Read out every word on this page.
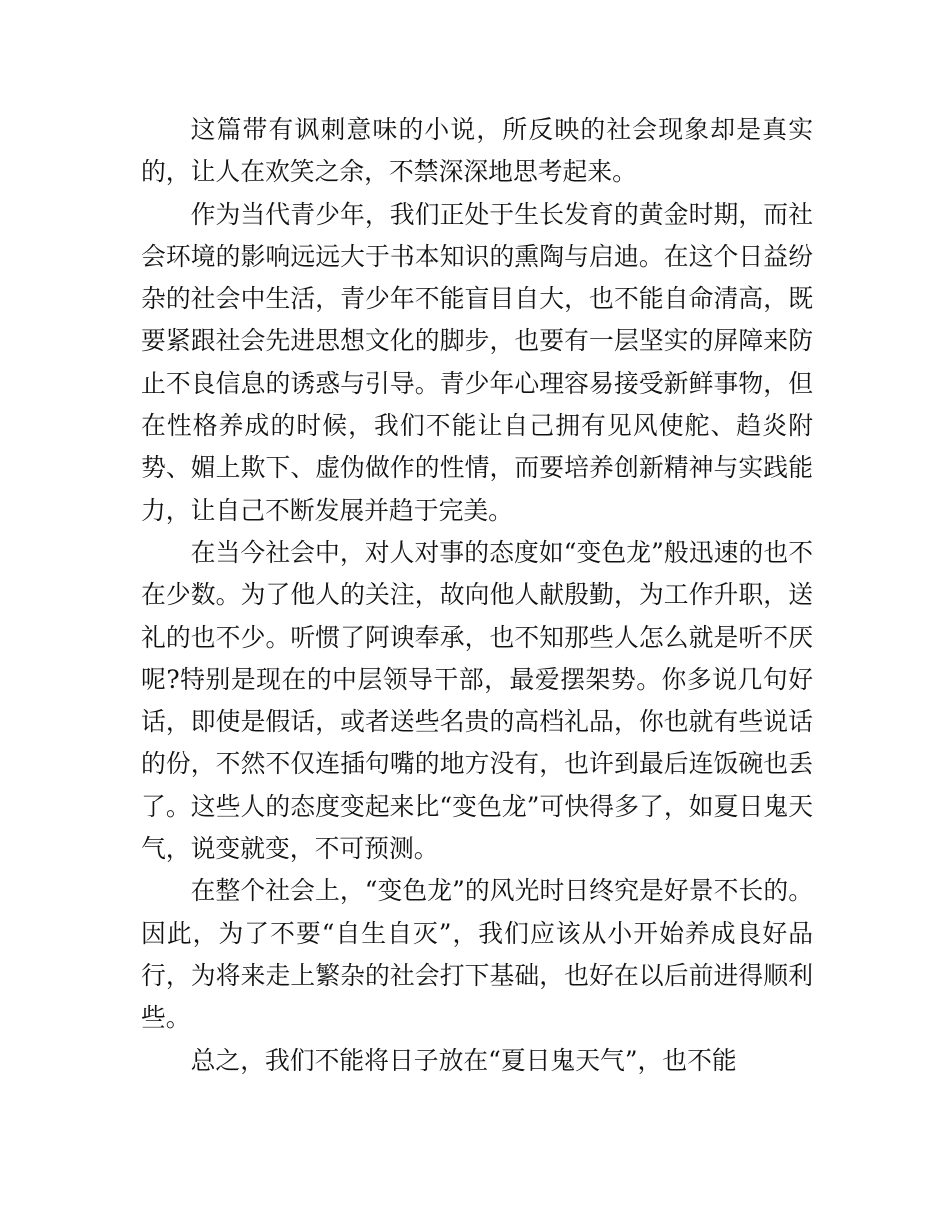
这篇带有讽刺意味的小说，所反映的社会现象却是真实的，让人在欢笑之余，不禁深深地思考起来。

作为当代青少年，我们正处于生长发育的黄金时期，而社会环境的影响远远大于书本知识的熏陶与启迪。在这个日益纷杂的社会中生活，青少年不能盲目自大，也不能自命清高，既要紧跟社会先进思想文化的脚步，也要有一层坚实的屏障来防止不良信息的诱惑与引导。青少年心理容易接受新鲜事物，但在性格养成的时候，我们不能让自己拥有见风使舵、趋炎附势、媚上欺下、虚伪做作的性情，而要培养创新精神与实践能力，让自己不断发展并趋于完美。

在当今社会中，对人对事的态度如“变色龙”般迅速的也不在少数。为了他人的关注，故向他人献殷勤，为工作升职，送礼的也不少。听惯了阿谀奉承，也不知那些人怎么就是听不厌呢?特别是现在的中层领导干部，最爱摆架势。你多说几句好话，即使是假话，或者送些名贵的高档礼品，你也就有些说话的份，不然不仅连插句嘴的地方没有，也许到最后连饭碗也丢了。这些人的态度变起来比“变色龙”可快得多了，如夏日鬼天气，说变就变，不可预测。

在整个社会上，“变色龙”的风光时日终究是好景不长的。因此，为了不要“自生自灭”，我们应该从小开始养成良好品行，为将来走上繁杂的社会打下基础，也好在以后前进得顺利些。

总之，我们不能将日子放在“夏日鬼天气”，也不能
